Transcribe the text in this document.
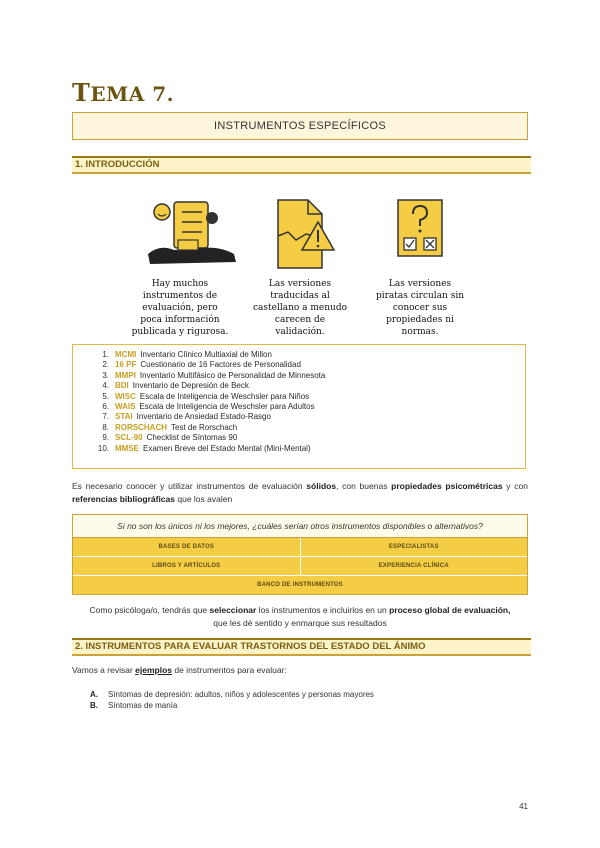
TEMA 7.
INSTRUMENTOS ESPECÍFICOS
1. INTRODUCCIÓN
Hay muchos
instrumentos de
evaluación, pero
poca información
publicada y rigurosa.
Las versiones
traducidas al
castellano a menudo
carecen de
validación.
Las versiones
piratas circulan sin
conocer sus
propiedades ni
normas.
1. MCMI Inventario Clínico Multiaxial de Millon
2. 16 PF Cuestionario de 16 Factores de Personalidad
3. MMPI Inventario Multifásico de Personalidad de Minnesota
4. BDI Inventario de Depresión de Beck
5. WISC Escala de Inteligencia de Weschsler para Niños
6. WAIS Escala de Inteligencia de Weschsler para Adultos
7. STAI Inventario de Ansiedad Estado-Rasgo
8. RORSCHACH Test de Rorschach
9. SCL-90 Checklist de Síntomas 90
10. MMSE Examen Breve del Estado Mental (Mini-Mental)
Es necesario conocer y utilizar instrumentos de evaluación sólidos, con buenas propiedades psicométricas y con referencias bibliográficas que los avalen
Si no son los únicos ni los mejores, ¿cuáles serían otros instrumentos disponibles o alternativos?
BASES DE DATOS	ESPECIALISTAS
LIBROS Y ARTÍCULOS	EXPERIENCIA CLÍNICA
BANCO DE INSTRUMENTOS
Como psicóloga/o, tendrás que seleccionar los instrumentos e incluirlos en un proceso global de evaluación,
que les dé sentido y enmarque sus resultados
2. INSTRUMENTOS PARA EVALUAR TRASTORNOS DEL ESTADO DEL ÁNIMO
Vamos a revisar ejemplos de instrumentos para evaluar:
A. Síntomas de depresión: adultos, niños y adolescentes y personas mayores
B. Síntomas de manía
41
